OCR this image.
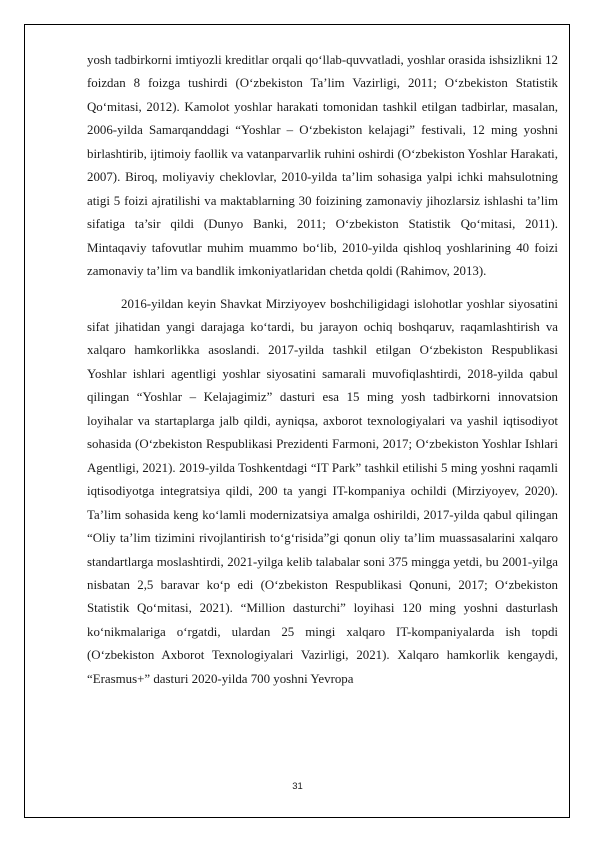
yosh tadbirkorni imtiyozli kreditlar orqali qo‘llab-quvvatladi, yoshlar orasida ishsizlikni 12 foizdan 8 foizga tushirdi (O‘zbekiston Ta’lim Vazirligi, 2011; O‘zbekiston Statistik Qo‘mitasi, 2012). Kamolot yoshlar harakati tomonidan tashkil etilgan tadbirlar, masalan, 2006-yilda Samarqanddagi “Yoshlar – O‘zbekiston kelajagi” festivali, 12 ming yoshni birlashtirib, ijtimoiy faollik va vatanparvarlik ruhini oshirdi (O‘zbekiston Yoshlar Harakati, 2007). Biroq, moliyaviy cheklovlar, 2010-yilda ta’lim sohasiga yalpi ichki mahsulotning atigi 5 foizi ajratilishi va maktablarning 30 foizining zamonaviy jihozlarsiz ishlashi ta’lim sifatiga ta’sir qildi (Dunyo Banki, 2011; O‘zbekiston Statistik Qo‘mitasi, 2011). Mintaqaviy tafovutlar muhim muammo bo‘lib, 2010-yilda qishloq yoshlarining 40 foizi zamonaviy ta’lim va bandlik imkoniyatlaridan chetda qoldi (Rahimov, 2013).

2016-yildan keyin Shavkat Mirziyoyev boshchiligidagi islohotlar yoshlar siyosatini sifat jihatidan yangi darajaga ko‘tardi, bu jarayon ochiq boshqaruv, raqamlashtirish va xalqaro hamkorlikka asoslandi. 2017-yilda tashkil etilgan O‘zbekiston Respublikasi Yoshlar ishlari agentligi yoshlar siyosatini samarali muvofiqlashtirdi, 2018-yilda qabul qilingan “Yoshlar – Kelajagimiz” dasturi esa 15 ming yosh tadbirkorni innovatsion loyihalar va startaplarga jalb qildi, ayniqsa, axborot texnologiyalari va yashil iqtisodiyot sohasida (O‘zbekiston Respublikasi Prezidenti Farmoni, 2017; O‘zbekiston Yoshlar Ishlari Agentligi, 2021). 2019-yilda Toshkentdagi “IT Park” tashkil etilishi 5 ming yoshni raqamli iqtisodiyotga integratsiya qildi, 200 ta yangi IT-kompaniya ochildi (Mirziyoyev, 2020). Ta’lim sohasida keng ko‘lamli modernizatsiya amalga oshirildi, 2017-yilda qabul qilingan “Oliy ta’lim tizimini rivojlantirish to‘g‘risida”gi qonun oliy ta’lim muassasalarini xalqaro standartlarga moslashtirdi, 2021-yilga kelib talabalar soni 375 mingga yetdi, bu 2001-yilga nisbatan 2,5 baravar ko‘p edi (O‘zbekiston Respublikasi Qonuni, 2017; O‘zbekiston Statistik Qo‘mitasi, 2021). “Million dasturchi” loyihasi 120 ming yoshni dasturlash ko‘nikmalariga o‘rgatdi, ulardan 25 mingi xalqaro IT-kompaniyalarda ish topdi (O‘zbekiston Axborot Texnologiyalari Vazirligi, 2021). Xalqaro hamkorlik kengaydi, “Erasmus+” dasturi 2020-yilda 700 yoshni Yevropa

31
